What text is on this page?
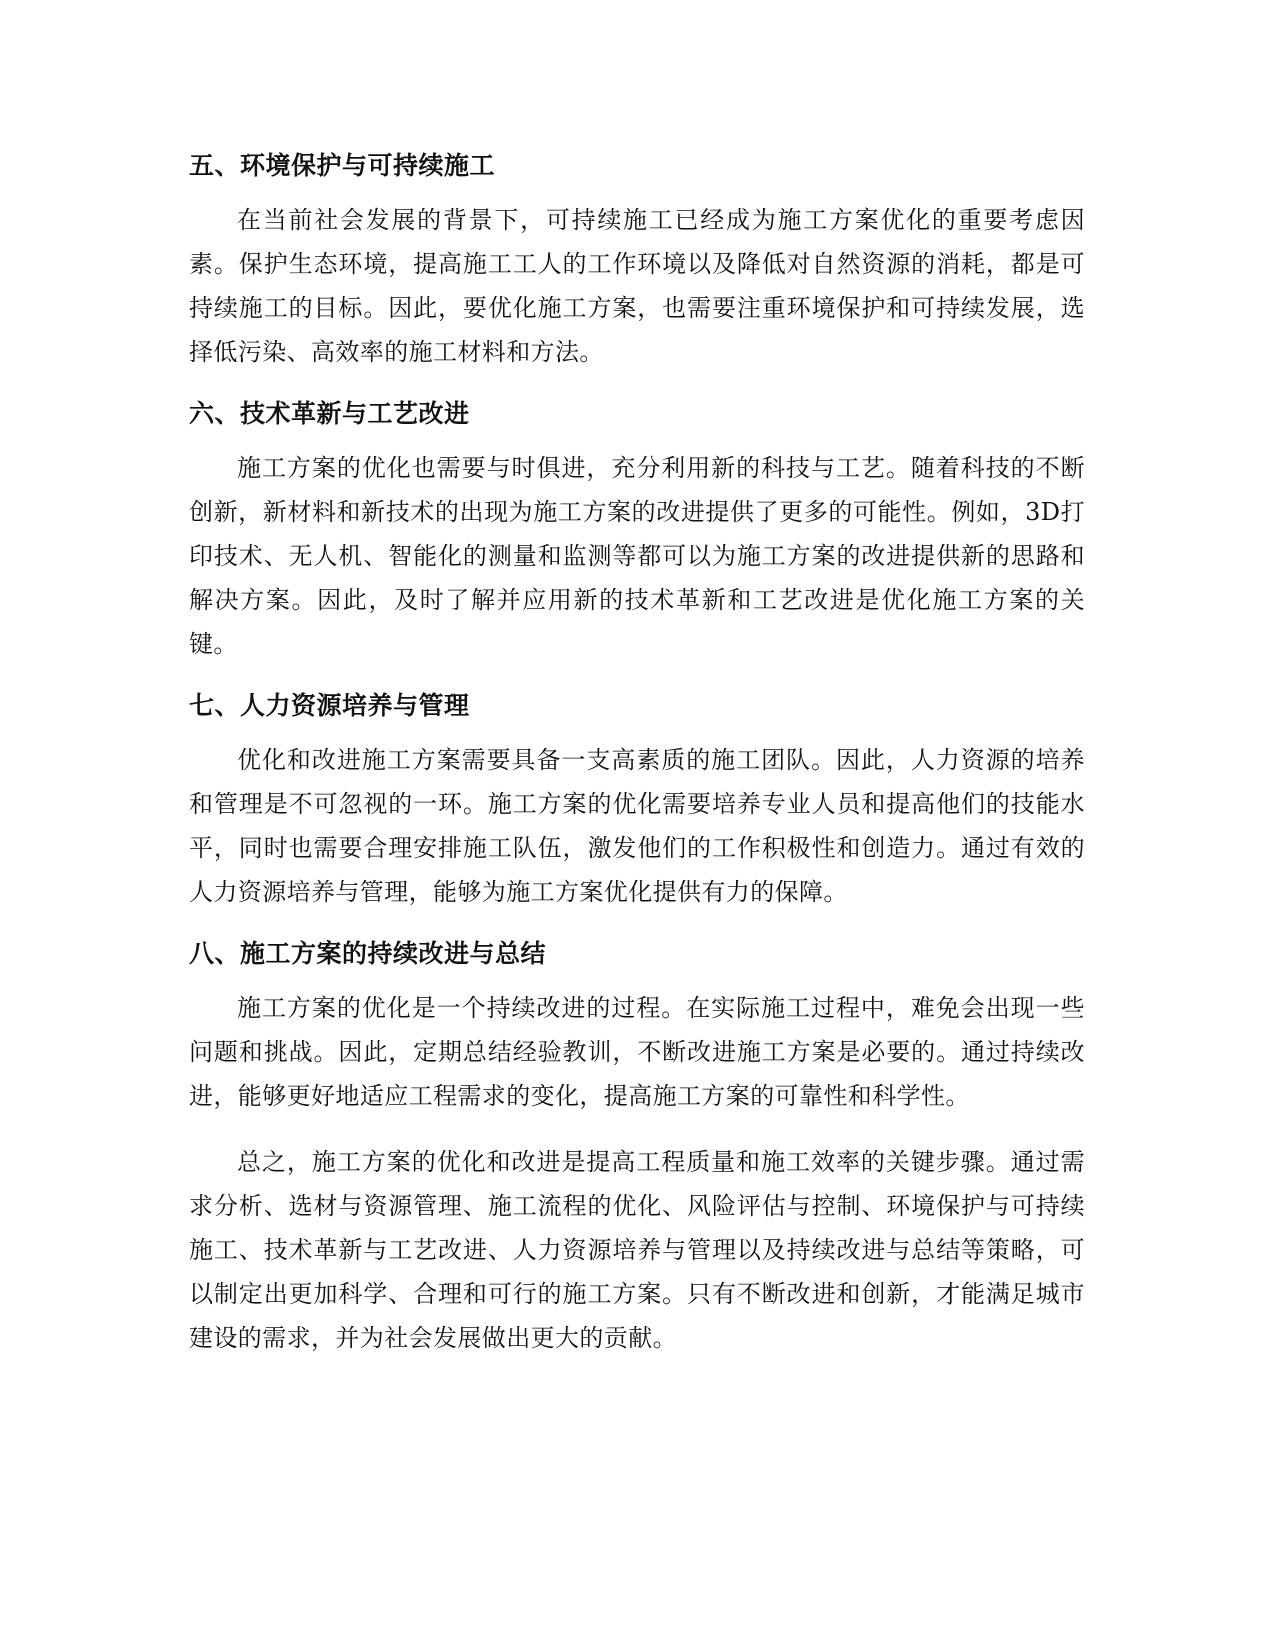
五、环境保护与可持续施工

在当前社会发展的背景下，可持续施工已经成为施工方案优化的重要考虑因素。保护生态环境，提高施工工人的工作环境以及降低对自然资源的消耗，都是可持续施工的目标。因此，要优化施工方案，也需要注重环境保护和可持续发展，选择低污染、高效率的施工材料和方法。

六、技术革新与工艺改进

施工方案的优化也需要与时俱进，充分利用新的科技与工艺。随着科技的不断创新，新材料和新技术的出现为施工方案的改进提供了更多的可能性。例如，3D打印技术、无人机、智能化的测量和监测等都可以为施工方案的改进提供新的思路和解决方案。因此，及时了解并应用新的技术革新和工艺改进是优化施工方案的关键。

七、人力资源培养与管理

优化和改进施工方案需要具备一支高素质的施工团队。因此，人力资源的培养和管理是不可忽视的一环。施工方案的优化需要培养专业人员和提高他们的技能水平，同时也需要合理安排施工队伍，激发他们的工作积极性和创造力。通过有效的人力资源培养与管理，能够为施工方案优化提供有力的保障。

八、施工方案的持续改进与总结

施工方案的优化是一个持续改进的过程。在实际施工过程中，难免会出现一些问题和挑战。因此，定期总结经验教训，不断改进施工方案是必要的。通过持续改进，能够更好地适应工程需求的变化，提高施工方案的可靠性和科学性。

总之，施工方案的优化和改进是提高工程质量和施工效率的关键步骤。通过需求分析、选材与资源管理、施工流程的优化、风险评估与控制、环境保护与可持续施工、技术革新与工艺改进、人力资源培养与管理以及持续改进与总结等策略，可以制定出更加科学、合理和可行的施工方案。只有不断改进和创新，才能满足城市建设的需求，并为社会发展做出更大的贡献。
